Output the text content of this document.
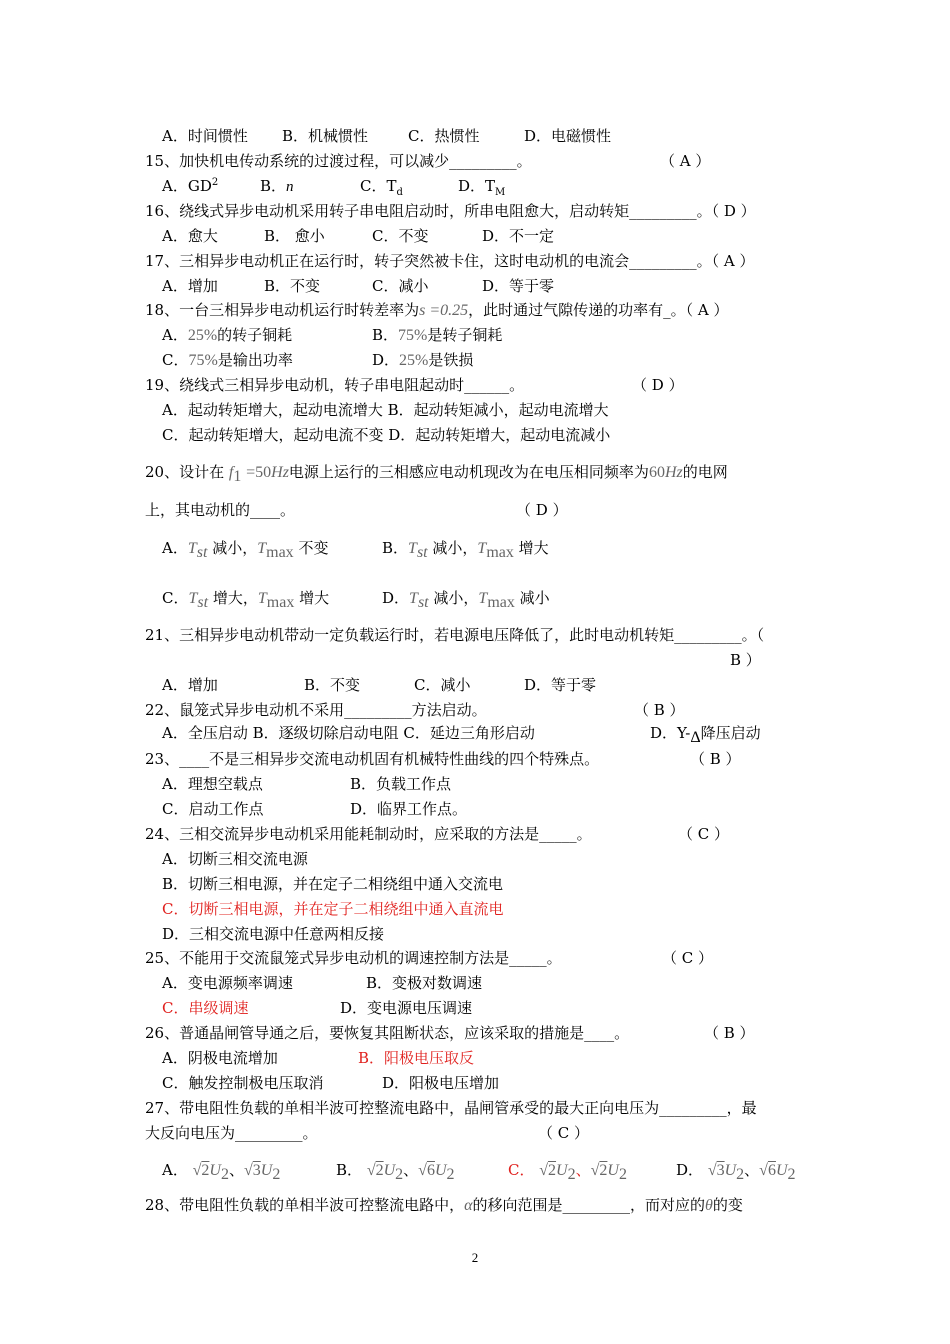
A．时间惯性 B．机械惯性	C．热惯性	D．电磁惯性
15、加快机电传动系统的过渡过程，可以减少_________。	（ A ）
A．$GD^2$	B．n	C．$T_d$	D．$T_M$
16、绕线式异步电动机采用转子串电阻启动时，所串电阻愈大，启动转矩_________。（ D ）
A．愈大	B． 愈小	C．不变	D．不一定
17、三相异步电动机正在运行时，转子突然被卡住，这时电动机的电流会_________。（ A ）
A．增加	B．不变	C．减小	D．等于零
18、一台三相异步电动机运行时转差率为s =0.25，此时通过气隙传递的功率有_。（ A ）
A．25%的转子铜耗	B．75%是转子铜耗
C．75%是输出功率	D．25%是铁损
19、绕线式三相异步电动机，转子串电阻起动时______。	（ D ）
A．起动转矩增大，起动电流增大 B．起动转矩减小，起动电流增大
C．起动转矩增大，起动电流不变 D．起动转矩增大，起动电流减小
20、设计在 $f_1 =50Hz$电源上运行的三相感应电动机现改为在电压相同频率为60Hz的电网
上，其电动机的____。	（ D ）
A．$T_{st}$ 减小，$T_{max}$ 不变	B．$T_{st}$ 减小，$T_{max}$ 增大
C．$T_{st}$ 增大，$T_{max}$ 增大	D．$T_{st}$ 减小，$T_{max}$ 减小
21、三相异步电动机带动一定负载运行时，若电源电压降低了，此时电动机转矩_________。（
B ）
A．增加	B．不变	C．减小	D．等于零
22、鼠笼式异步电动机不采用_________方法启动。	（ B ）
A．全压启动 B．逐级切除启动电阻 C．延边三角形启动	D．$Y-_\Delta$降压启动
23、____不是三相异步交流电动机固有机械特性曲线的四个特殊点。	（ B ）
A．理想空载点	B．负载工作点
C．启动工作点	D．临界工作点。
24、三相交流异步电动机采用能耗制动时，应采取的方法是_____。	（ C ）
A．切断三相交流电源
B．切断三相电源，并在定子二相绕组中通入交流电
C．切断三相电源，并在定子二相绕组中通入直流电
D．三相交流电源中任意两相反接
25、不能用于交流鼠笼式异步电动机的调速控制方法是_____。	（ C ）
A．变电源频率调速	B．变极对数调速
C．串级调速	D．变电源电压调速
26、普通晶闸管导通之后，要恢复其阻断状态，应该采取的措施是____。	（ B ）
A．阴极电流增加	B．阳极电压取反
C．触发控制极电压取消	D．阳极电压增加
27、带电阻性负载的单相半波可控整流电路中，晶闸管承受的最大正向电压为_________，最
大反向电压为_________。	（ C ）
A． $√2U_2$、$√3U_2$	B． $√2U_2$、$√6U_2$	C． $√2U_2$、$√2U_2$	D． $√3U_2$、$√6U_2$
28、带电阻性负载的单相半波可控整流电路中，α的移向范围是_________，而对应的θ的变
2
